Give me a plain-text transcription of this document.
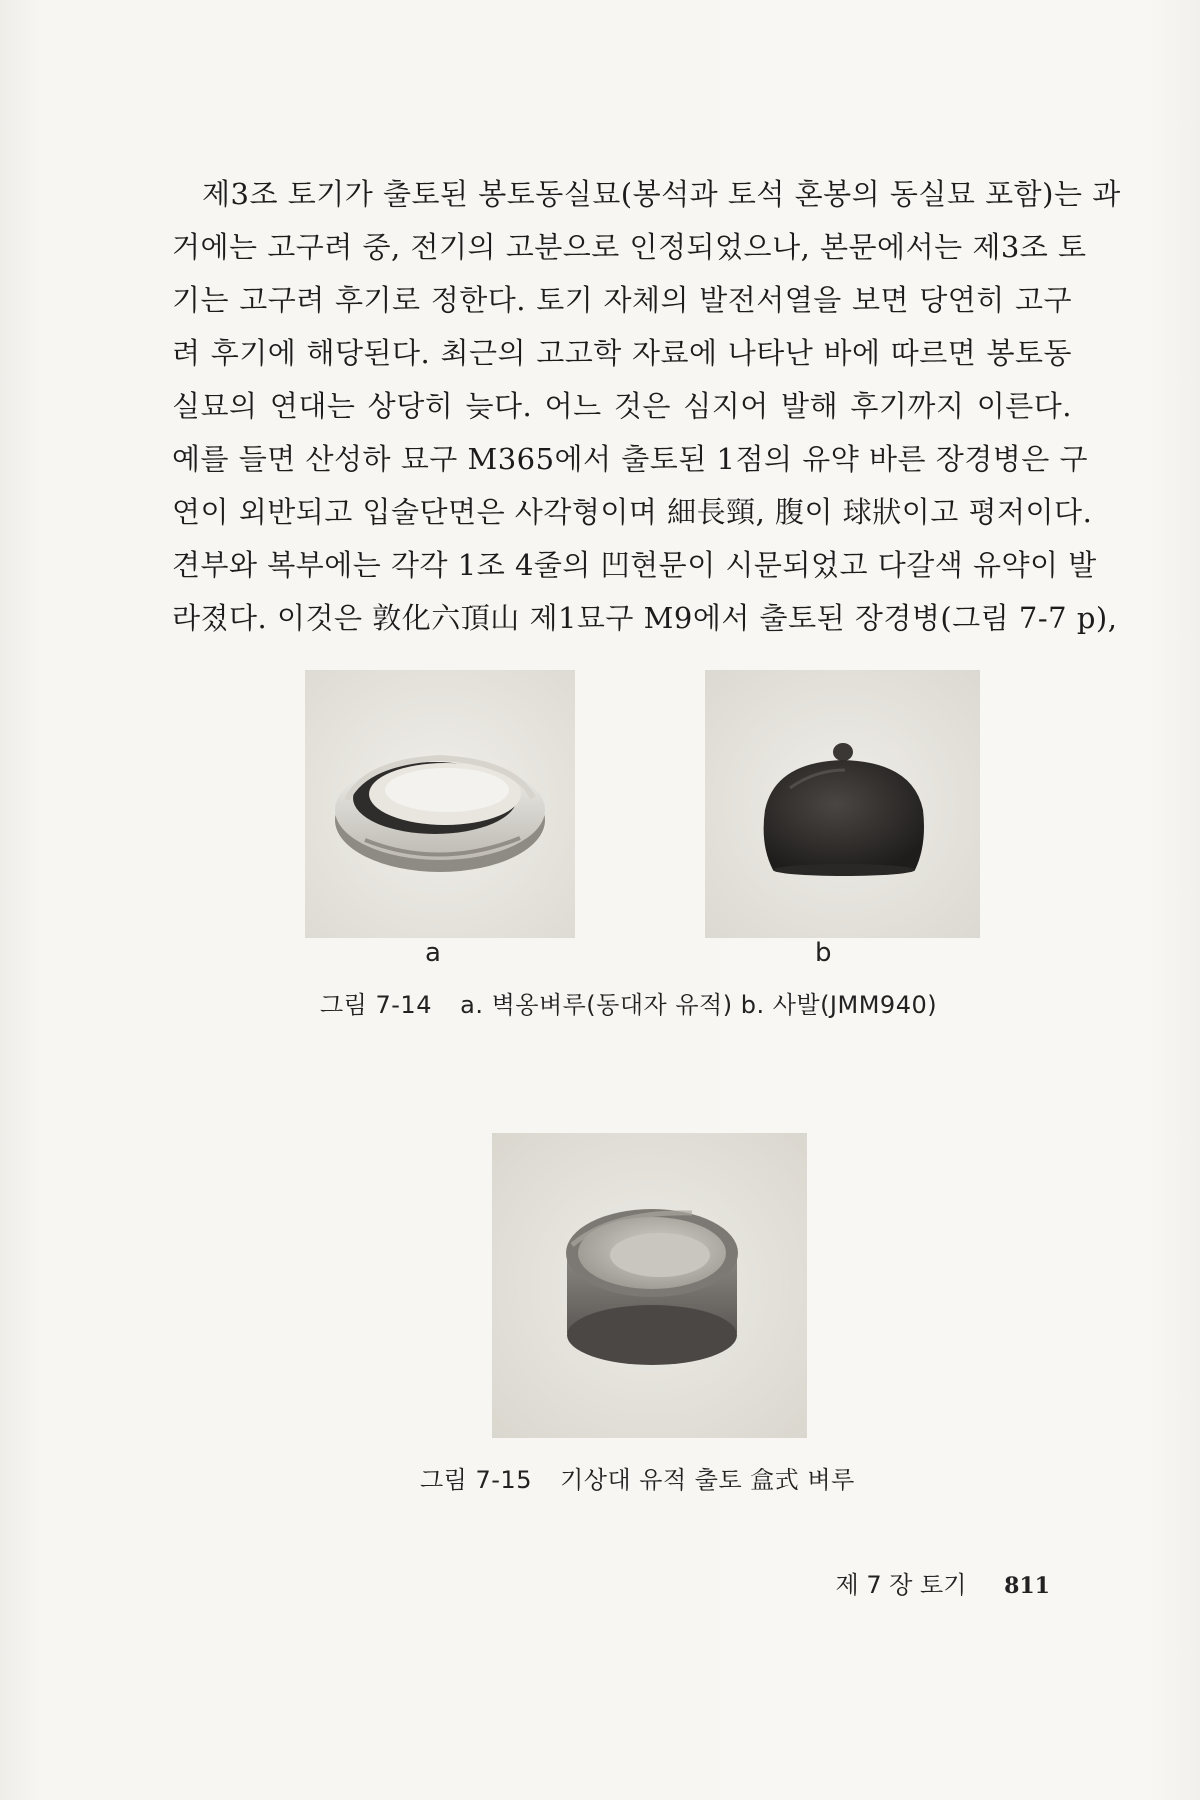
제3조 토기가 출토된 봉토동실묘(봉석과 토석 혼봉의 동실묘 포함)는 과
거에는 고구려 중, 전기의 고분으로 인정되었으나, 본문에서는 제3조 토
기는 고구려 후기로 정한다. 토기 자체의 발전서열을 보면 당연히 고구
려 후기에 해당된다. 최근의 고고학 자료에 나타난 바에 따르면 봉토동
실묘의 연대는 상당히 늦다. 어느 것은 심지어 발해 후기까지 이른다.
예를 들면 산성하 묘구 M365에서 출토된 1점의 유약 바른 장경병은 구
연이 외반되고 입술단면은 사각형이며 細長頸, 腹이 球狀이고 평저이다.
견부와 복부에는 각각 1조 4줄의 凹현문이 시문되었고 다갈색 유약이 발
라졌다. 이것은 敦化六頂山 제1묘구 M9에서 출토된 장경병(그림 7-7 p),
a	b
그림 7-14 a. 벽옹벼루(동대자 유적) b. 사발(JMM940)
그림 7-15 기상대 유적 출토 盒式 벼루
제 7 장 토기 811
